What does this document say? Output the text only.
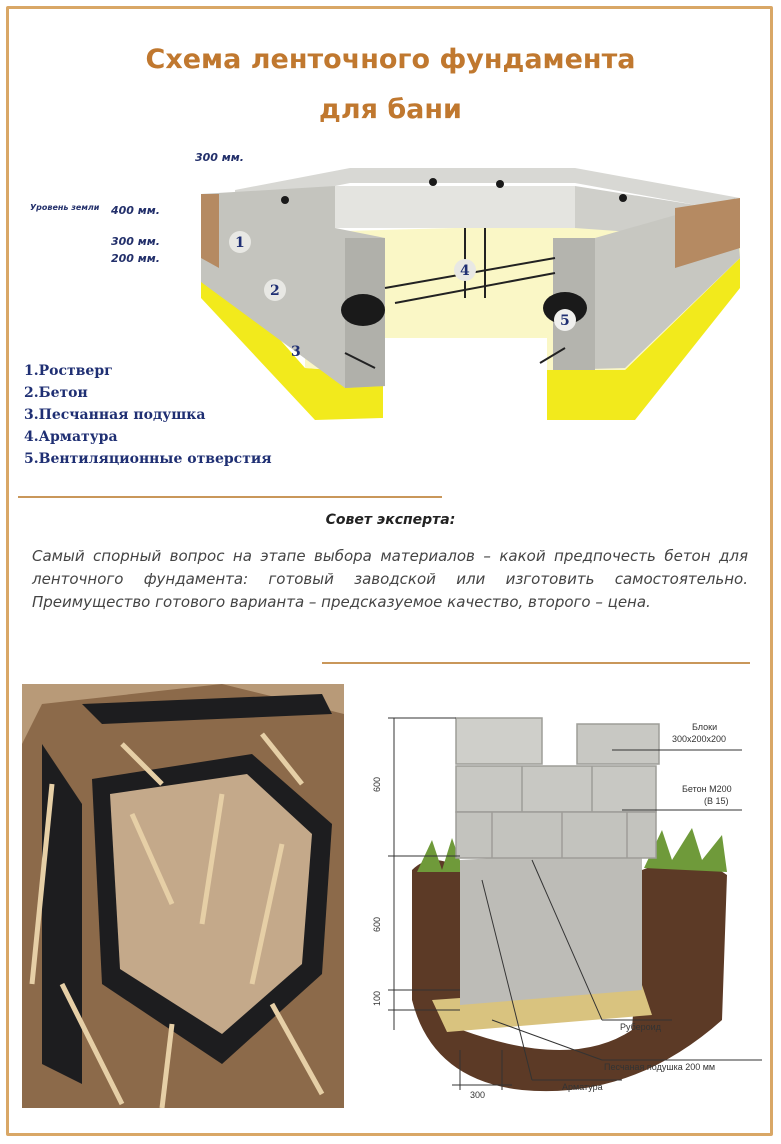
Схема ленточного фундамента
для бани
1
2
3
4
5
300 мм.
Уровень земли 400 мм.
300 мм.
200 мм.
1.Ростверг
2.Бетон
3.Песчанная подушка
4.Арматура
5.Вентиляционные отверстия
Совет эксперта:
Самый спорный вопрос на этапе выбора материалов – какой предпочесть бетон для ленточного фундамента: готовый заводской или изготовить самостоятельно. Преимущество готового варианта – предсказуемое качество, второго – цена.
600
600
100
300
Блоки
300х200х200
Бетон М200
(В 15)
Рубероид
Песчаная подушка 200 мм
Арматура
